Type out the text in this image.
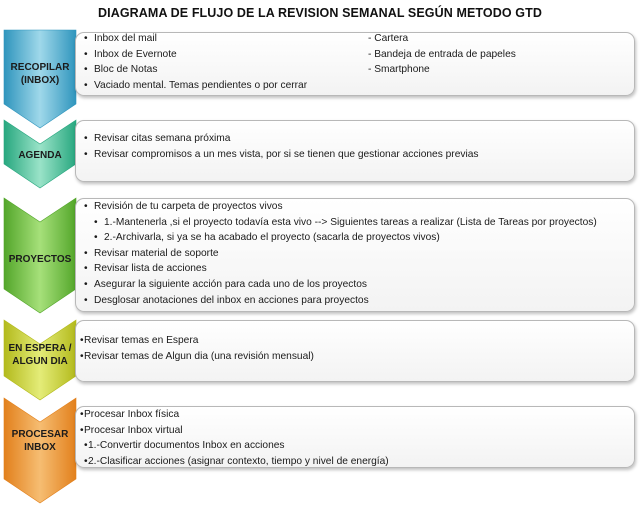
DIAGRAMA DE FLUJO DE LA REVISION SEMANAL SEGÚN METODO GTD
RECOPILAR
(INBOX)
• Inbox del mail
• Inbox de Evernote
• Bloc de Notas
• Vaciado mental. Temas pendientes o por cerrar
- Cartera
- Bandeja de entrada de papeles
- Smartphone
AGENDA
• Revisar citas semana próxima
• Revisar compromisos a un mes vista, por si se tienen que gestionar acciones previas
PROYECTOS
• Revisión de tu carpeta de proyectos vivos
• 1.-Mantenerla ,si el proyecto todavía esta vivo --> Siguientes tareas a realizar (Lista de Tareas por proyectos)
• 2.-Archivarla, si ya se ha acabado el proyecto (sacarla de proyectos vivos)
• Revisar material de soporte
• Revisar lista de acciones
• Asegurar la siguiente acción para cada uno de los proyectos
• Desglosar anotaciones del inbox en acciones para proyectos
EN ESPERA /
ALGUN DIA
•Revisar temas en Espera
•Revisar temas de Algun dia (una revisión mensual)
PROCESAR
INBOX
•Procesar Inbox física
•Procesar Inbox virtual
•1.-Convertir documentos Inbox en acciones
•2.-Clasificar acciones (asignar contexto, tiempo y nivel de energía)
